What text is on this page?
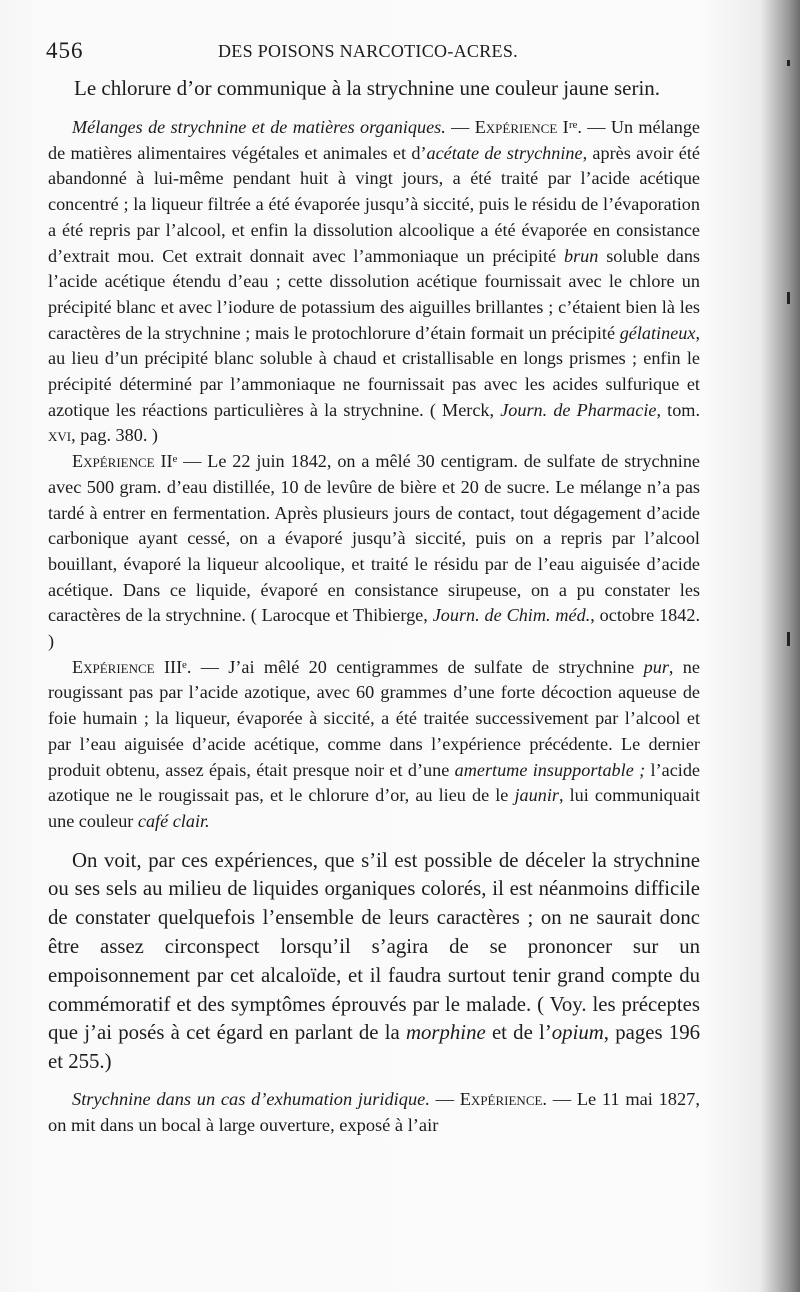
456	DES POISONS NARCOTICO-ACRES.

Le chlorure d’or communique à la strychnine une couleur jaune serin.

Mélanges de strychnine et de matières organiques. — Expérience Iʳᵉ. — Un mélange de matières alimentaires végétales et animales et d’acétate de strychnine, après avoir été abandonné à lui-même pendant huit à vingt jours, a été traité par l’acide acétique concentré ; la liqueur filtrée a été évaporée jusqu’à siccité, puis le résidu de l’évaporation a été repris par l’alcool, et enfin la dissolution alcoolique a été évaporée en consistance d’extrait mou. Cet extrait donnait avec l’ammoniaque un précipité brun soluble dans l’acide acétique étendu d’eau ; cette dissolution acétique fournissait avec le chlore un précipité blanc et avec l’iodure de potassium des aiguilles brillantes ; c’étaient bien là les caractères de la strychnine ; mais le protochlorure d’étain formait un précipité gélatineux, au lieu d’un précipité blanc soluble à chaud et cristallisable en longs prismes ; enfin le précipité déterminé par l’ammoniaque ne fournissait pas avec les acides sulfurique et azotique les réactions particulières à la strychnine. ( Merck, Journ. de Pharmacie, tom. xvi, pag. 380. )

Expérience IIᵉ — Le 22 juin 1842, on a mêlé 30 centigram. de sulfate de strychnine avec 500 gram. d’eau distillée, 10 de levûre de bière et 20 de sucre. Le mélange n’a pas tardé à entrer en fermentation. Après plusieurs jours de contact, tout dégagement d’acide carbonique ayant cessé, on a évaporé jusqu’à siccité, puis on a repris par l’alcool bouillant, évaporé la liqueur alcoolique, et traité le résidu par de l’eau aiguisée d’acide acétique. Dans ce liquide, évaporé en consistance sirupeuse, on a pu constater les caractères de la strychnine. ( Larocque et Thibierge, Journ. de Chim. méd., octobre 1842. )

Expérience IIIᵉ. — J’ai mêlé 20 centigrammes de sulfate de strychnine pur, ne rougissant pas par l’acide azotique, avec 60 grammes d’une forte décoction aqueuse de foie humain ; la liqueur, évaporée à siccité, a été traitée successivement par l’alcool et par l’eau aiguisée d’acide acétique, comme dans l’expérience précédente. Le dernier produit obtenu, assez épais, était presque noir et d’une amertume insupportable ; l’acide azotique ne le rougissait pas, et le chlorure d’or, au lieu de le jaunir, lui communiquait une couleur café clair.

On voit, par ces expériences, que s’il est possible de déceler la strychnine ou ses sels au milieu de liquides organiques colorés, il est néanmoins difficile de constater quelquefois l’ensemble de leurs caractères ; on ne saurait donc être assez circonspect lorsqu’il s’agira de se prononcer sur un empoisonnement par cet alcaloïde, et il faudra surtout tenir grand compte du commémoratif et des symptômes éprouvés par le malade. ( Voy. les préceptes que j’ai posés à cet égard en parlant de la morphine et de l’opium, pages 196 et 255.)

Strychnine dans un cas d’exhumation juridique. — Expérience. — Le 11 mai 1827, on mit dans un bocal à large ouverture, exposé à l’air
